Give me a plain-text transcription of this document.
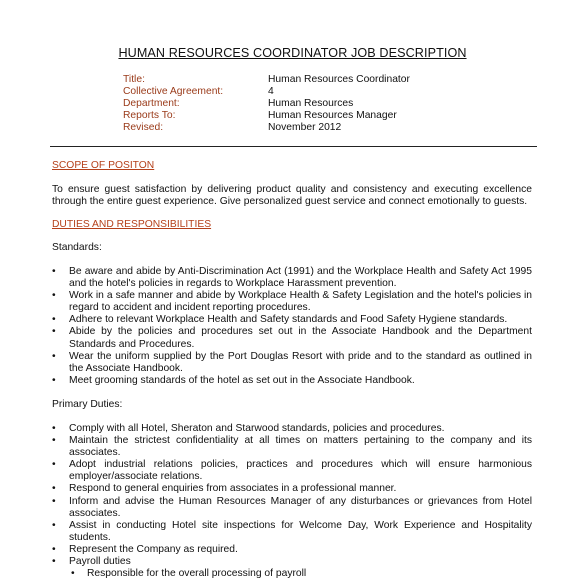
HUMAN RESOURCES COORDINATOR JOB DESCRIPTION
Title:	Human Resources Coordinator
Collective Agreement:	4
Department:	Human Resources
Reports To:	Human Resources Manager
Revised:	November 2012
SCOPE OF POSITON
To ensure guest satisfaction by delivering product quality and consistency and executing excellence through the entire guest experience. Give personalized guest service and connect emotionally to guests.
DUTIES AND RESPONSIBILITIES
Standards:
• Be aware and abide by Anti-Discrimination Act (1991) and the Workplace Health and Safety Act 1995 and the hotel's policies in regards to Workplace Harassment prevention.
• Work in a safe manner and abide by Workplace Health & Safety Legislation and the hotel's policies in regard to accident and incident reporting procedures.
• Adhere to relevant Workplace Health and Safety standards and Food Safety Hygiene standards.
• Abide by the policies and procedures set out in the Associate Handbook and the Department Standards and Procedures.
• Wear the uniform supplied by the Port Douglas Resort with pride and to the standard as outlined in the Associate Handbook.
• Meet grooming standards of the hotel as set out in the Associate Handbook.
Primary Duties:
• Comply with all Hotel, Sheraton and Starwood standards, policies and procedures.
• Maintain the strictest confidentiality at all times on matters pertaining to the company and its associates.
• Adopt industrial relations policies, practices and procedures which will ensure harmonious employer/associate relations.
• Respond to general enquiries from associates in a professional manner.
• Inform and advise the Human Resources Manager of any disturbances or grievances from Hotel associates.
• Assist in conducting Hotel site inspections for Welcome Day, Work Experience and Hospitality students.
• Represent the Company as required.
• Payroll duties
• Responsible for the overall processing of payroll
